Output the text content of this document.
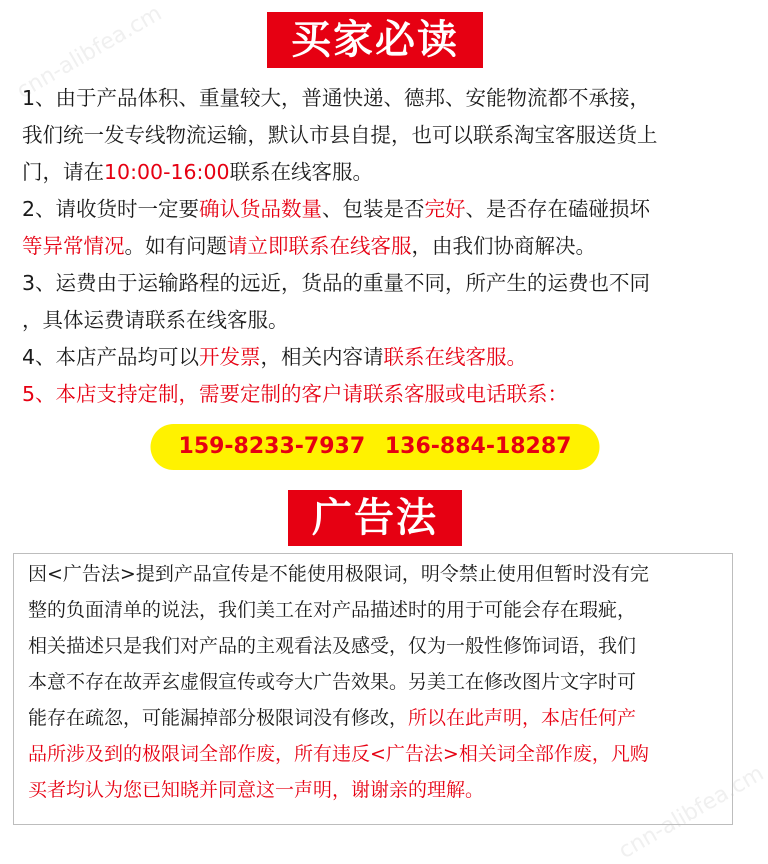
cnn-alibfea.cm
cnn-alibfea.cm
买家必读

1、由于产品体积、重量较大，普通快递、德邦、安能物流都不承接，

我们统一发专线物流运输，默认市县自提，也可以联系淘宝客服送货上

门，请在10:00-16:00联系在线客服。

2、请收货时一定要确认货品数量、包装是否完好、是否存在磕碰损坏

等异常情况。如有问题请立即联系在线客服，由我们协商解决。

3、运费由于运输路程的远近，货品的重量不同，所产生的运费也不同

，具体运费请联系在线客服。

4、本店产品均可以开发票，相关内容请联系在线客服。

5、本店支持定制，需要定制的客户请联系客服或电话联系：

159-8233-7937 136-884-18287
广告法

因<广告法>提到产品宣传是不能使用极限词，明令禁止使用但暂时没有完

整的负面清单的说法，我们美工在对产品描述时的用于可能会存在瑕疵，

相关描述只是我们对产品的主观看法及感受，仅为一般性修饰词语，我们

本意不存在故弄玄虚假宣传或夸大广告效果。另美工在修改图片文字时可

能存在疏忽，可能漏掉部分极限词没有修改，所以在此声明，本店任何产

品所涉及到的极限词全部作废，所有违反<广告法>相关词全部作废，凡购

买者均认为您已知晓并同意这一声明，谢谢亲的理解。
